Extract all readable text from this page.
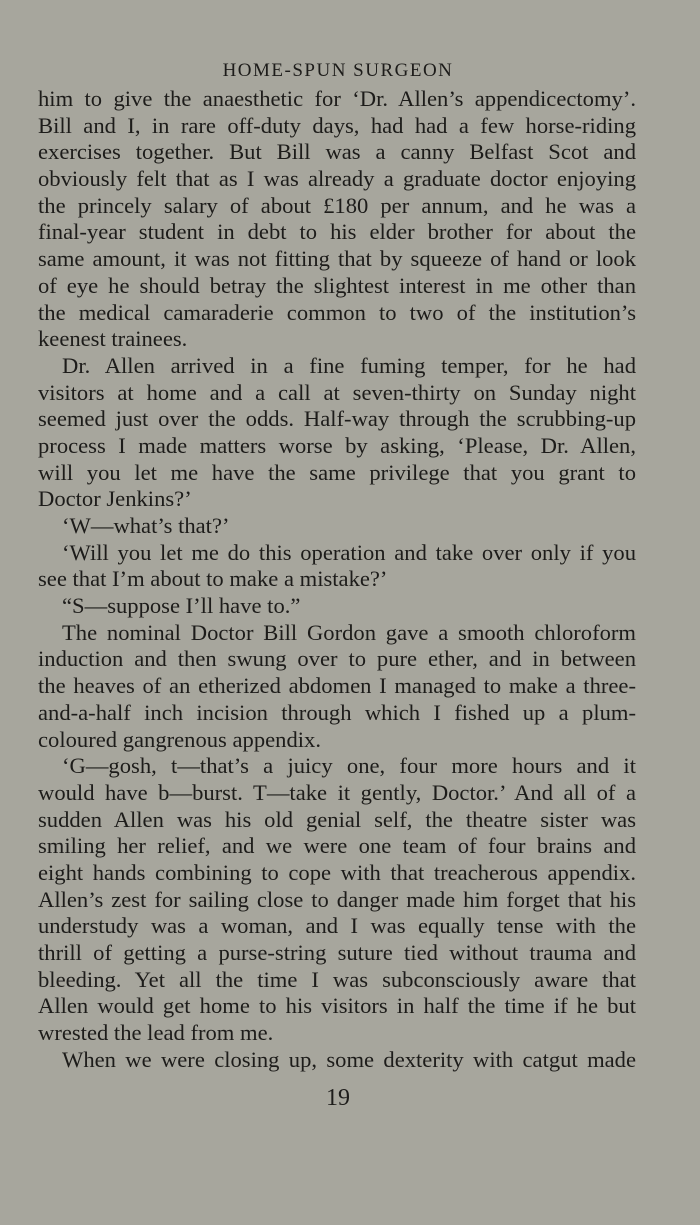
HOME-SPUN SURGEON
him to give the anaesthetic for ‘Dr. Allen’s appendicectomy’.
Bill and I, in rare off-duty days, had had a few horse-riding
exercises together. But Bill was a canny Belfast Scot and
obviously felt that as I was already a graduate doctor enjoying
the princely salary of about £180 per annum, and he was a
final-year student in debt to his elder brother for about the
same amount, it was not fitting that by squeeze of hand or look
of eye he should betray the slightest interest in me other than
the medical camaraderie common to two of the institution’s
keenest trainees.
Dr. Allen arrived in a fine fuming temper, for he had
visitors at home and a call at seven-thirty on Sunday night
seemed just over the odds. Half-way through the scrubbing-up
process I made matters worse by asking, ‘Please, Dr. Allen,
will you let me have the same privilege that you grant to
Doctor Jenkins?’
‘W—what’s that?’
‘Will you let me do this operation and take over only if you
see that I’m about to make a mistake?’
“S—suppose I’ll have to.”
The nominal Doctor Bill Gordon gave a smooth chloroform
induction and then swung over to pure ether, and in between
the heaves of an etherized abdomen I managed to make a three-
and-a-half inch incision through which I fished up a plum-
coloured gangrenous appendix.
‘G—gosh, t—that’s a juicy one, four more hours and it
would have b—burst. T—take it gently, Doctor.’ And all of a
sudden Allen was his old genial self, the theatre sister was
smiling her relief, and we were one team of four brains and
eight hands combining to cope with that treacherous appendix.
Allen’s zest for sailing close to danger made him forget that his
understudy was a woman, and I was equally tense with the
thrill of getting a purse-string suture tied without trauma and
bleeding. Yet all the time I was subconsciously aware that
Allen would get home to his visitors in half the time if he but
wrested the lead from me.
When we were closing up, some dexterity with catgut made
19
